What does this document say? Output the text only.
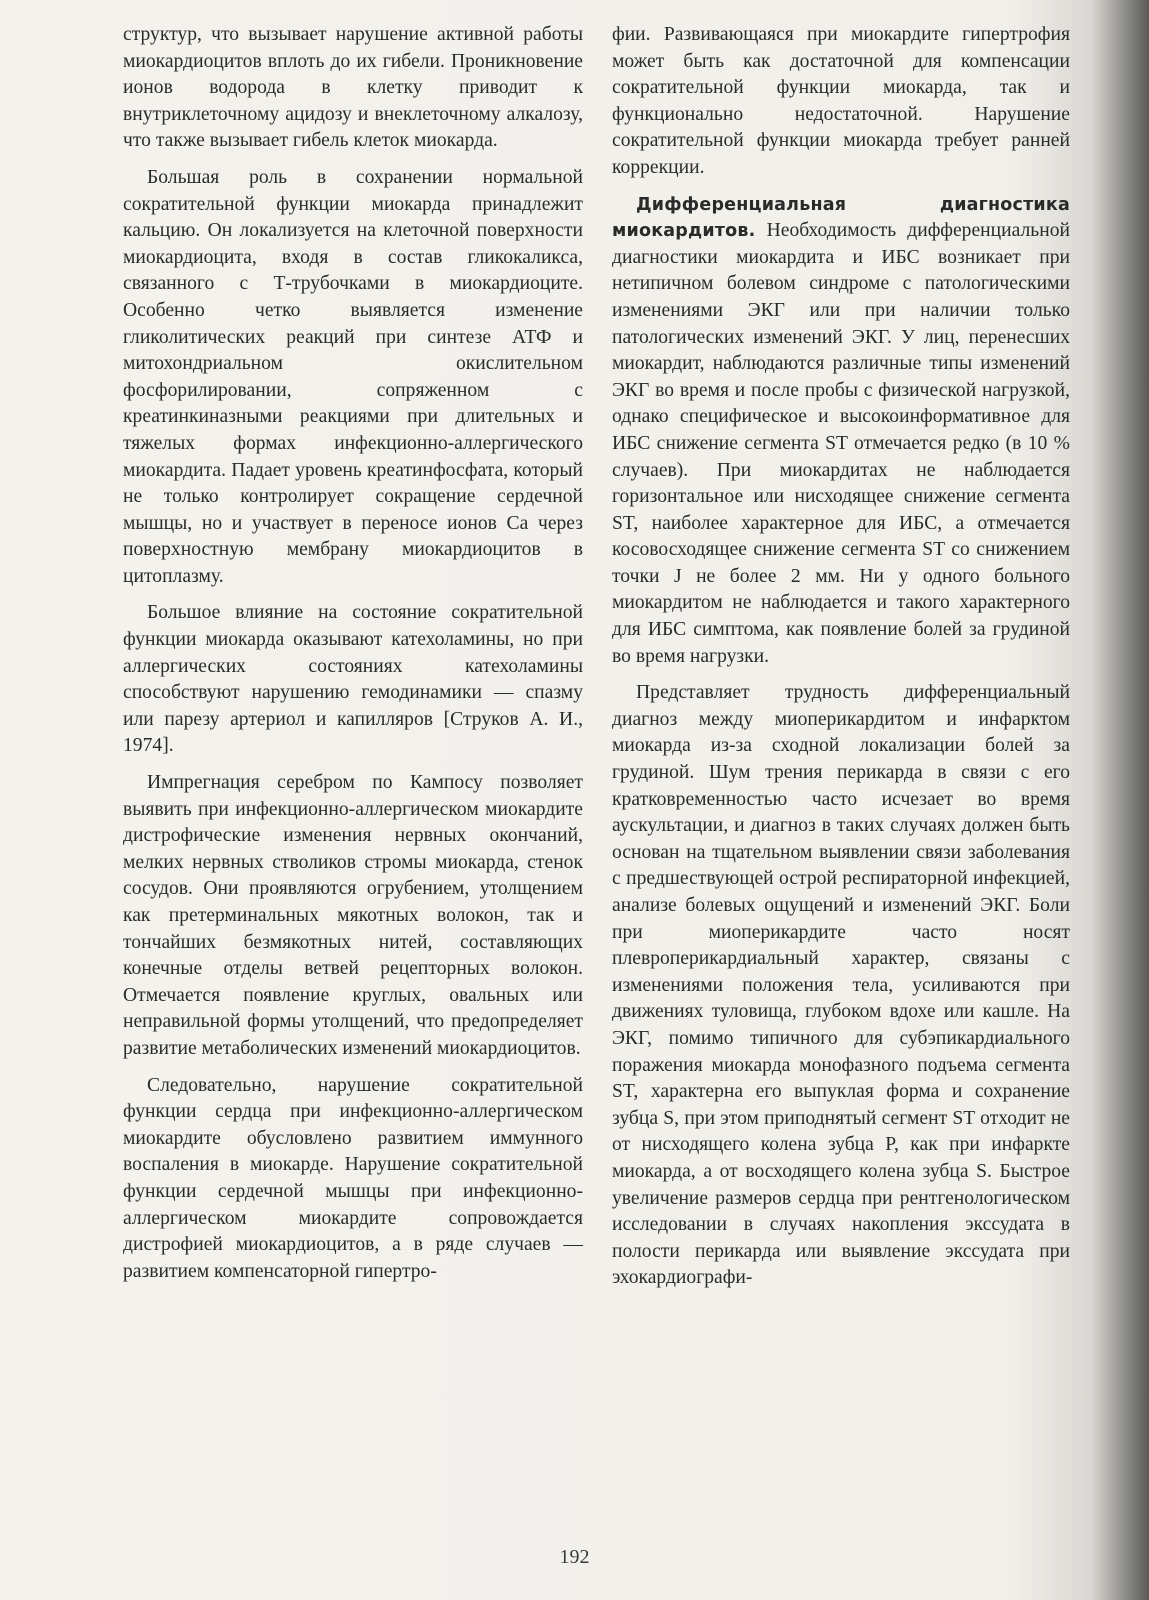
структур, что вызывает нарушение активной работы миокардиоцитов вплоть до их гибели. Проникновение ионов водорода в клетку приводит к внутриклеточному ацидозу и внеклеточному алкалозу, что также вызывает гибель клеток миокарда.

Большая роль в сохранении нормальной сократительной функции миокарда принадлежит кальцию. Он локализуется на клеточной поверхности миокардиоцита, входя в состав гликокаликса, связанного с Т-трубочками в миокардиоците. Особенно четко выявляется изменение гликолитических реакций при синтезе АТФ и митохондриальном окислительном фосфорилировании, сопряженном с креатинкиназными реакциями при длительных и тяжелых формах инфекционно-аллергического миокардита. Падает уровень креатинфосфата, который не только контролирует сокращение сердечной мышцы, но и участвует в переносе ионов Са через поверхностную мембрану миокардиоцитов в цитоплазму.

Большое влияние на состояние сократительной функции миокарда оказывают катехоламины, но при аллергических состояниях катехоламины способствуют нарушению гемодинамики — спазму или парезу артериол и капилляров [Струков А. И., 1974].

Импрегнация серебром по Кампосу позволяет выявить при инфекционно-аллергическом миокардите дистрофические изменения нервных окончаний, мелких нервных стволиков стромы миокарда, стенок сосудов. Они проявляются огрубением, утолщением как претерминальных мякотных волокон, так и тончайших безмякотных нитей, составляющих конечные отделы ветвей рецепторных волокон. Отмечается появление круглых, овальных или неправильной формы утолщений, что предопределяет развитие метаболических изменений миокардиоцитов.

Следовательно, нарушение сократительной функции сердца при инфекционно-аллергическом миокардите обусловлено развитием иммунного воспаления в миокарде. Нарушение сократительной функции сердечной мышцы при инфекционно-аллергическом миокардите сопровождается дистрофией миокардиоцитов, а в ряде случаев — развитием компенсаторной гипертро-

фии. Развивающаяся при миокардите гипертрофия может быть как достаточной для компенсации сократительной функции миокарда, так и функционально недостаточной. Нарушение сократительной функции миокарда требует ранней коррекции.

Дифференциальная диагностика миокардитов. Необходимость дифференциальной диагностики миокардита и ИБС возникает при нетипичном болевом синдроме с патологическими изменениями ЭКГ или при наличии только патологических изменений ЭКГ. У лиц, перенесших миокардит, наблюдаются различные типы изменений ЭКГ во время и после пробы с физической нагрузкой, однако специфическое и высокоинформативное для ИБС снижение сегмента ST отмечается редко (в 10 % случаев). При миокардитах не наблюдается горизонтальное или нисходящее снижение сегмента ST, наиболее характерное для ИБС, а отмечается косовосходящее снижение сегмента ST со снижением точки J не более 2 мм. Ни у одного больного миокардитом не наблюдается и такого характерного для ИБС симптома, как появление болей за грудиной во время нагрузки.

Представляет трудность дифференциальный диагноз между миоперикардитом и инфарктом миокарда из-за сходной локализации болей за грудиной. Шум трения перикарда в связи с его кратковременностью часто исчезает во время аускультации, и диагноз в таких случаях должен быть основан на тщательном выявлении связи заболевания с предшествующей острой респираторной инфекцией, анализе болевых ощущений и изменений ЭКГ. Боли при миоперикардите часто носят плевроперикардиальный характер, связаны с изменениями положения тела, усиливаются при движениях туловища, глубоком вдохе или кашле. На ЭКГ, помимо типичного для субэпикардиального поражения миокарда монофазного подъема сегмента ST, характерна его выпуклая форма и сохранение зубца S, при этом приподнятый сегмент ST отходит не от нисходящего колена зубца P, как при инфаркте миокарда, а от восходящего колена зубца S. Быстрое увеличение размеров сердца при рентгенологическом исследовании в случаях накопления экссудата в полости перикарда или выявление экссудата при эхокардиографи-

192
